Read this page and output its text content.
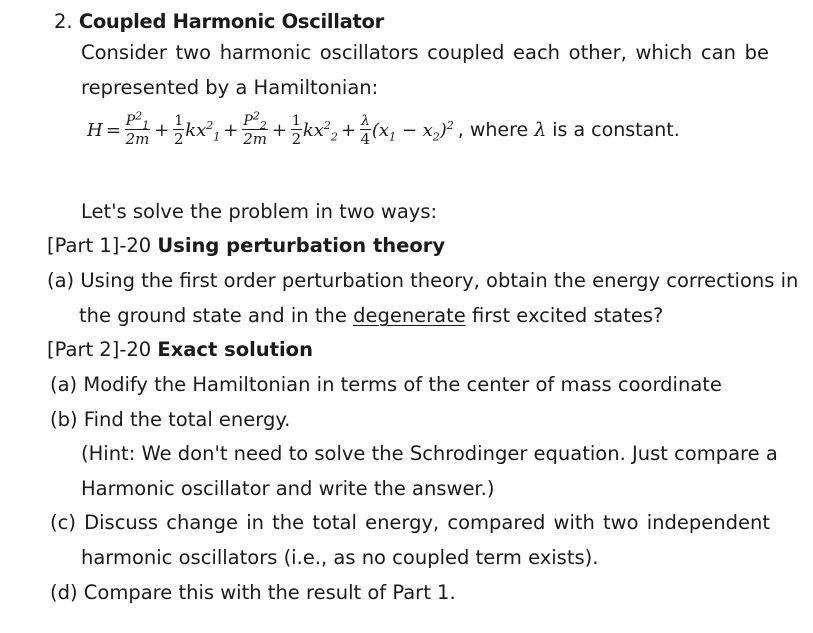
2. Coupled Harmonic Oscillator
Consider two harmonic oscillators coupled each other, which can be
represented by a Hamiltonian:
$H = \frac{P^2_1}{2m} + \frac{1}{2} kx^2_1 + \frac{P^2_2}{2m} + \frac{1}{2} kx^2_2 + \frac{\lambda}{4} (x_1 - x_2)^2$ , where λ is a constant.
Let's solve the problem in two ways:
[Part 1]-20 Using perturbation theory
(a) Using the first order perturbation theory, obtain the energy corrections in
the ground state and in the degenerate first excited states?
[Part 2]-20 Exact solution
(a) Modify the Hamiltonian in terms of the center of mass coordinate
(b) Find the total energy.
(Hint: We don't need to solve the Schrodinger equation. Just compare a
Harmonic oscillator and write the answer.)
(c) Discuss change in the total energy, compared with two independent
harmonic oscillators (i.e., as no coupled term exists).
(d) Compare this with the result of Part 1.
